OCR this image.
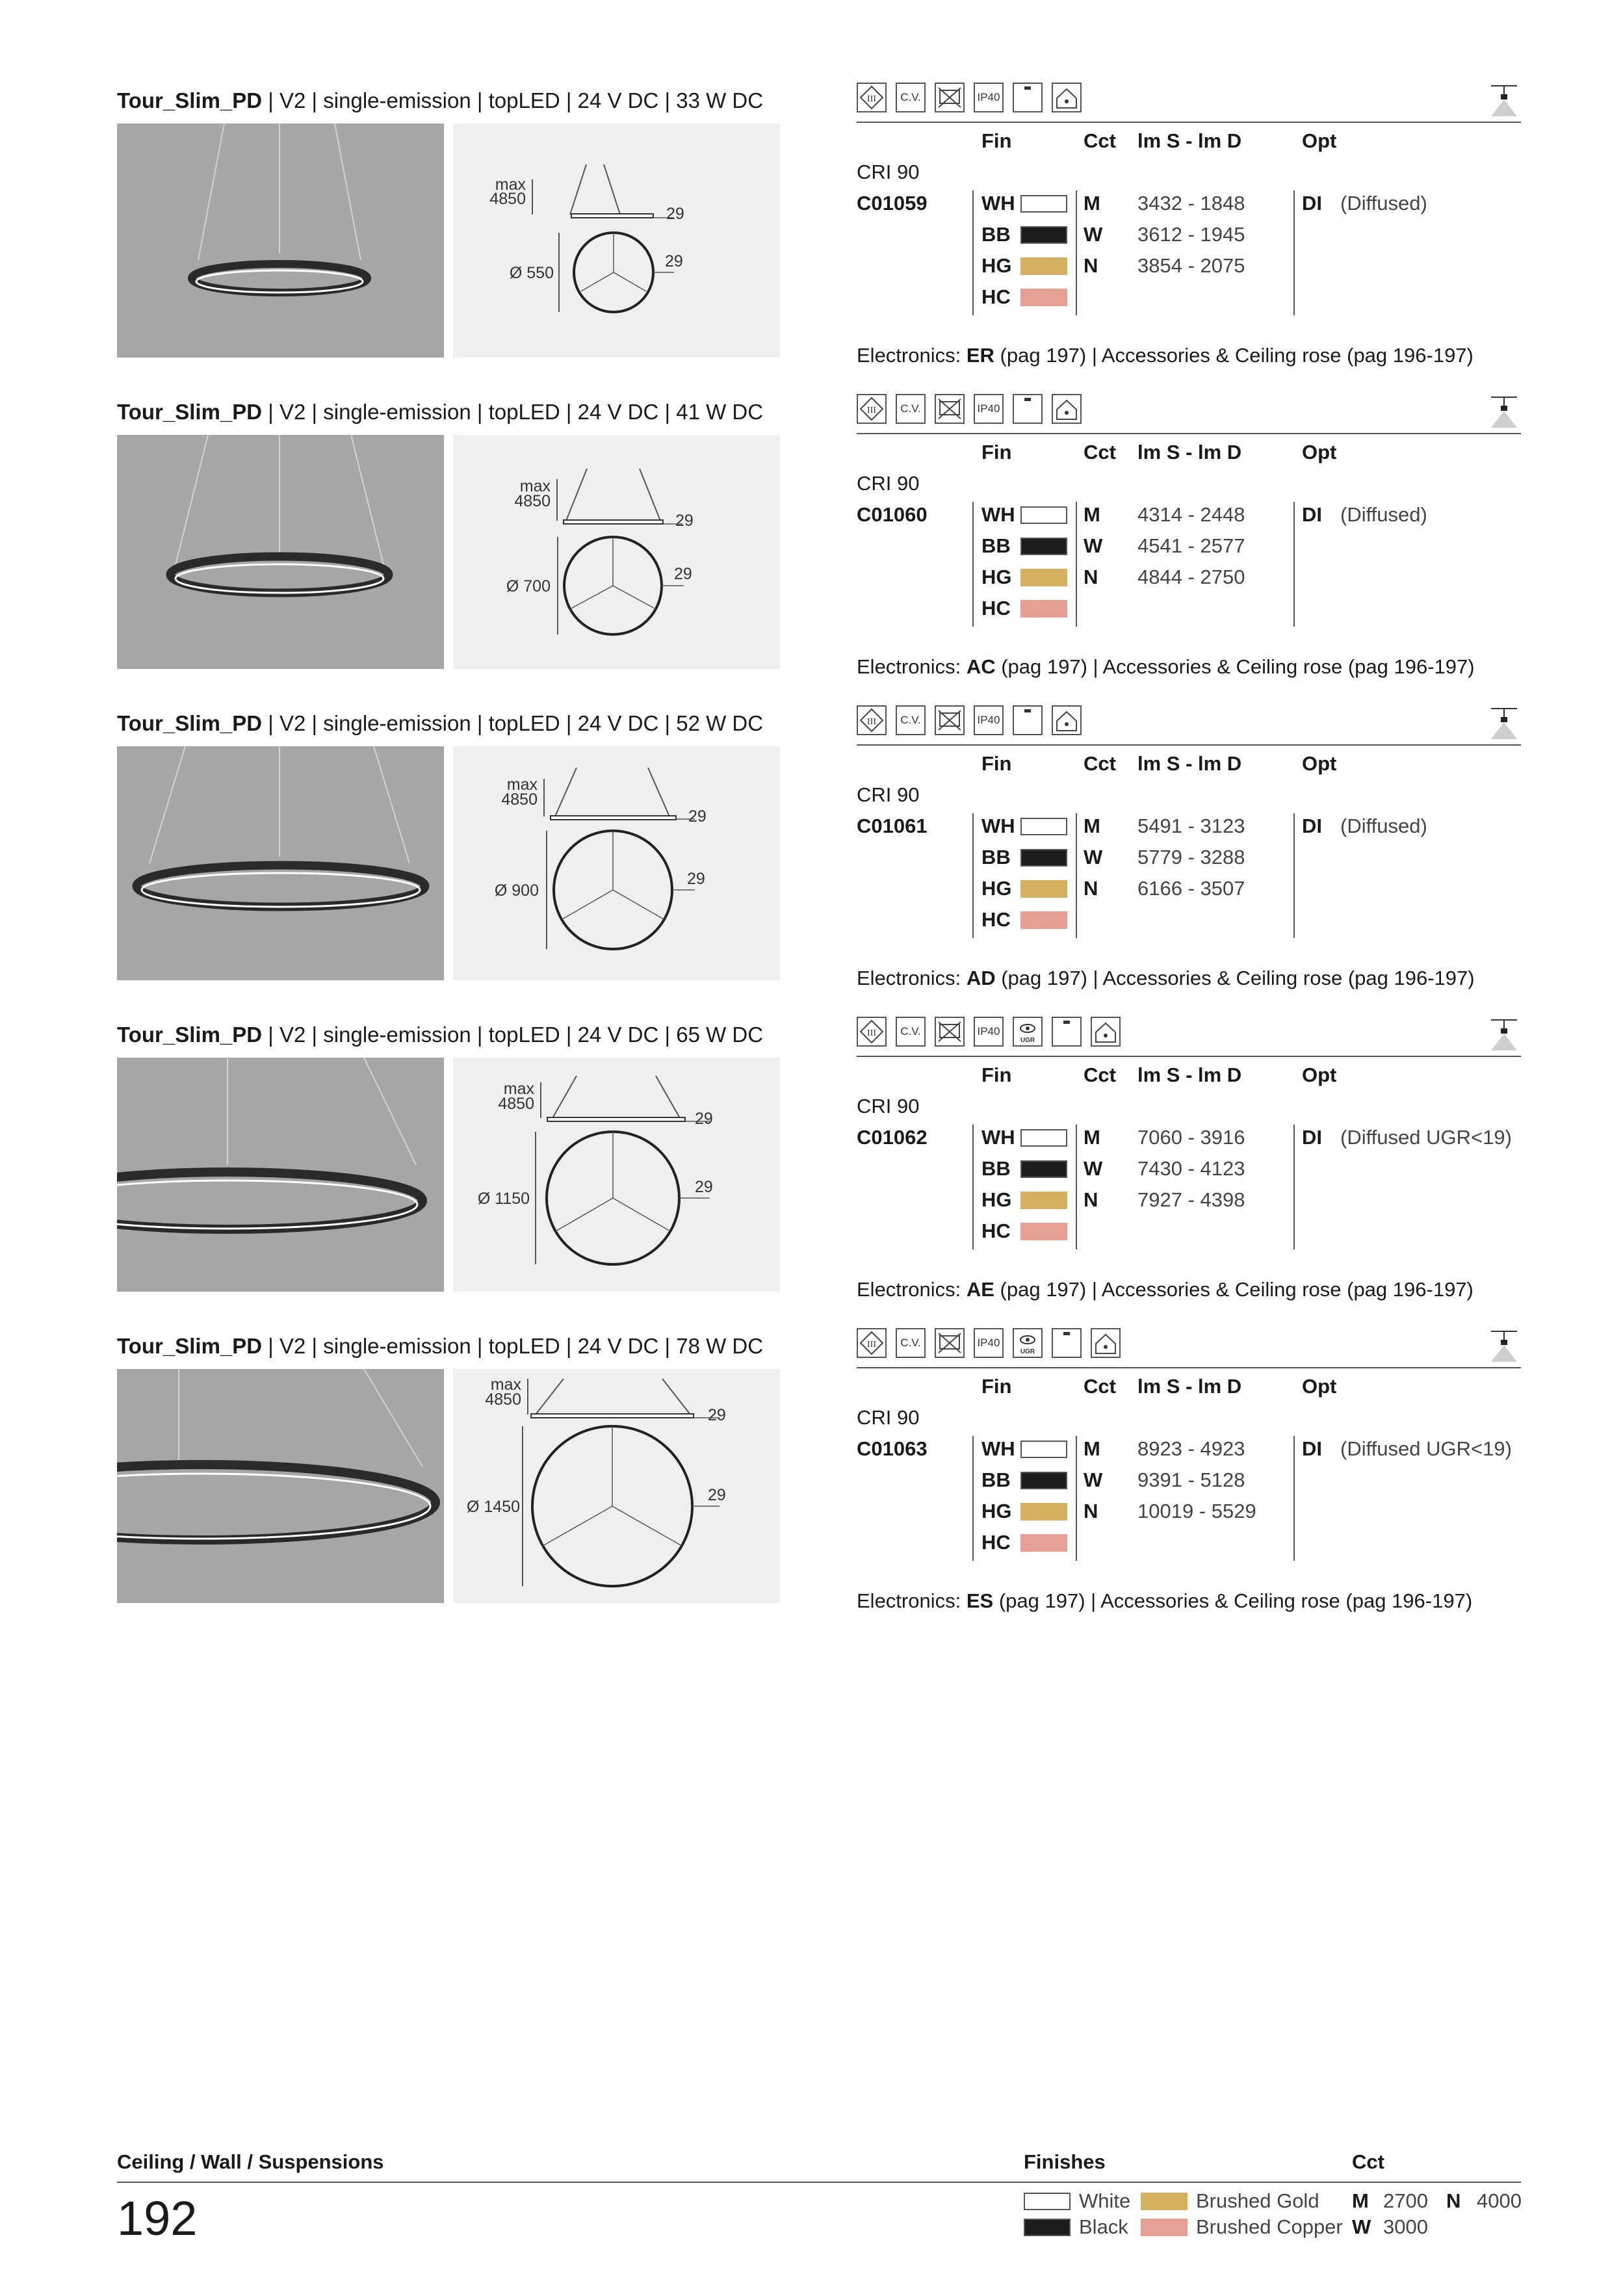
Tour_Slim_PD | V2 | single-emission | topLED | 24 V DC | 33 W DC
max
4850
29
29
Ø 550
III	C.V.	IP40
Fin	Cct lm S - lm D	Opt
CRI 90
C01059	WH	M 3432 - 1848	DI (Diffused)
BB	W 3612 - 1945
HG	N 3854 - 2075
HC
Electronics: ER (pag 197) | Accessories & Ceiling rose (pag 196-197)
Tour_Slim_PD | V2 | single-emission | topLED | 24 V DC | 41 W DC
max
4850
29
29
Ø 700
III	C.V.	IP40
Fin	Cct lm S - lm D	Opt
CRI 90
C01060	WH	M 4314 - 2448	DI (Diffused)
BB	W 4541 - 2577
HG	N 4844 - 2750
HC
Electronics: AC (pag 197) | Accessories & Ceiling rose (pag 196-197)
Tour_Slim_PD | V2 | single-emission | topLED | 24 V DC | 52 W DC
max
4850
29
29
Ø 900
III	C.V.	IP40
Fin	Cct lm S - lm D	Opt
CRI 90
C01061	WH	M 5491 - 3123	DI (Diffused)
BB	W 5779 - 3288
HG	N 6166 - 3507
HC
Electronics: AD (pag 197) | Accessories & Ceiling rose (pag 196-197)
Tour_Slim_PD | V2 | single-emission | topLED | 24 V DC | 65 W DC
max
4850
29
29
Ø 1150
III	C.V.	IP40
UGR
Fin	Cct lm S - lm D	Opt
CRI 90
C01062	WH	M 7060 - 3916	DI (Diffused UGR<19)
BB	W 7430 - 4123
HG	N 7927 - 4398
HC
Electronics: AE (pag 197) | Accessories & Ceiling rose (pag 196-197)
Tour_Slim_PD | V2 | single-emission | topLED | 24 V DC | 78 W DC
max
4850
29
29
Ø 1450
III	C.V.	IP40
UGR
Fin	Cct lm S - lm D	Opt
CRI 90
C01063	WH	M 8923 - 4923	DI (Diffused UGR<19)
BB	W 9391 - 5128
HG	N 10019 - 5529
HC
Electronics: ES (pag 197) | Accessories & Ceiling rose (pag 196-197)
Ceiling / Wall / Suspensions
192
Finishes
White
Black
Brushed Gold
Brushed Copper
Cct
M 2700 N 4000
W 3000
